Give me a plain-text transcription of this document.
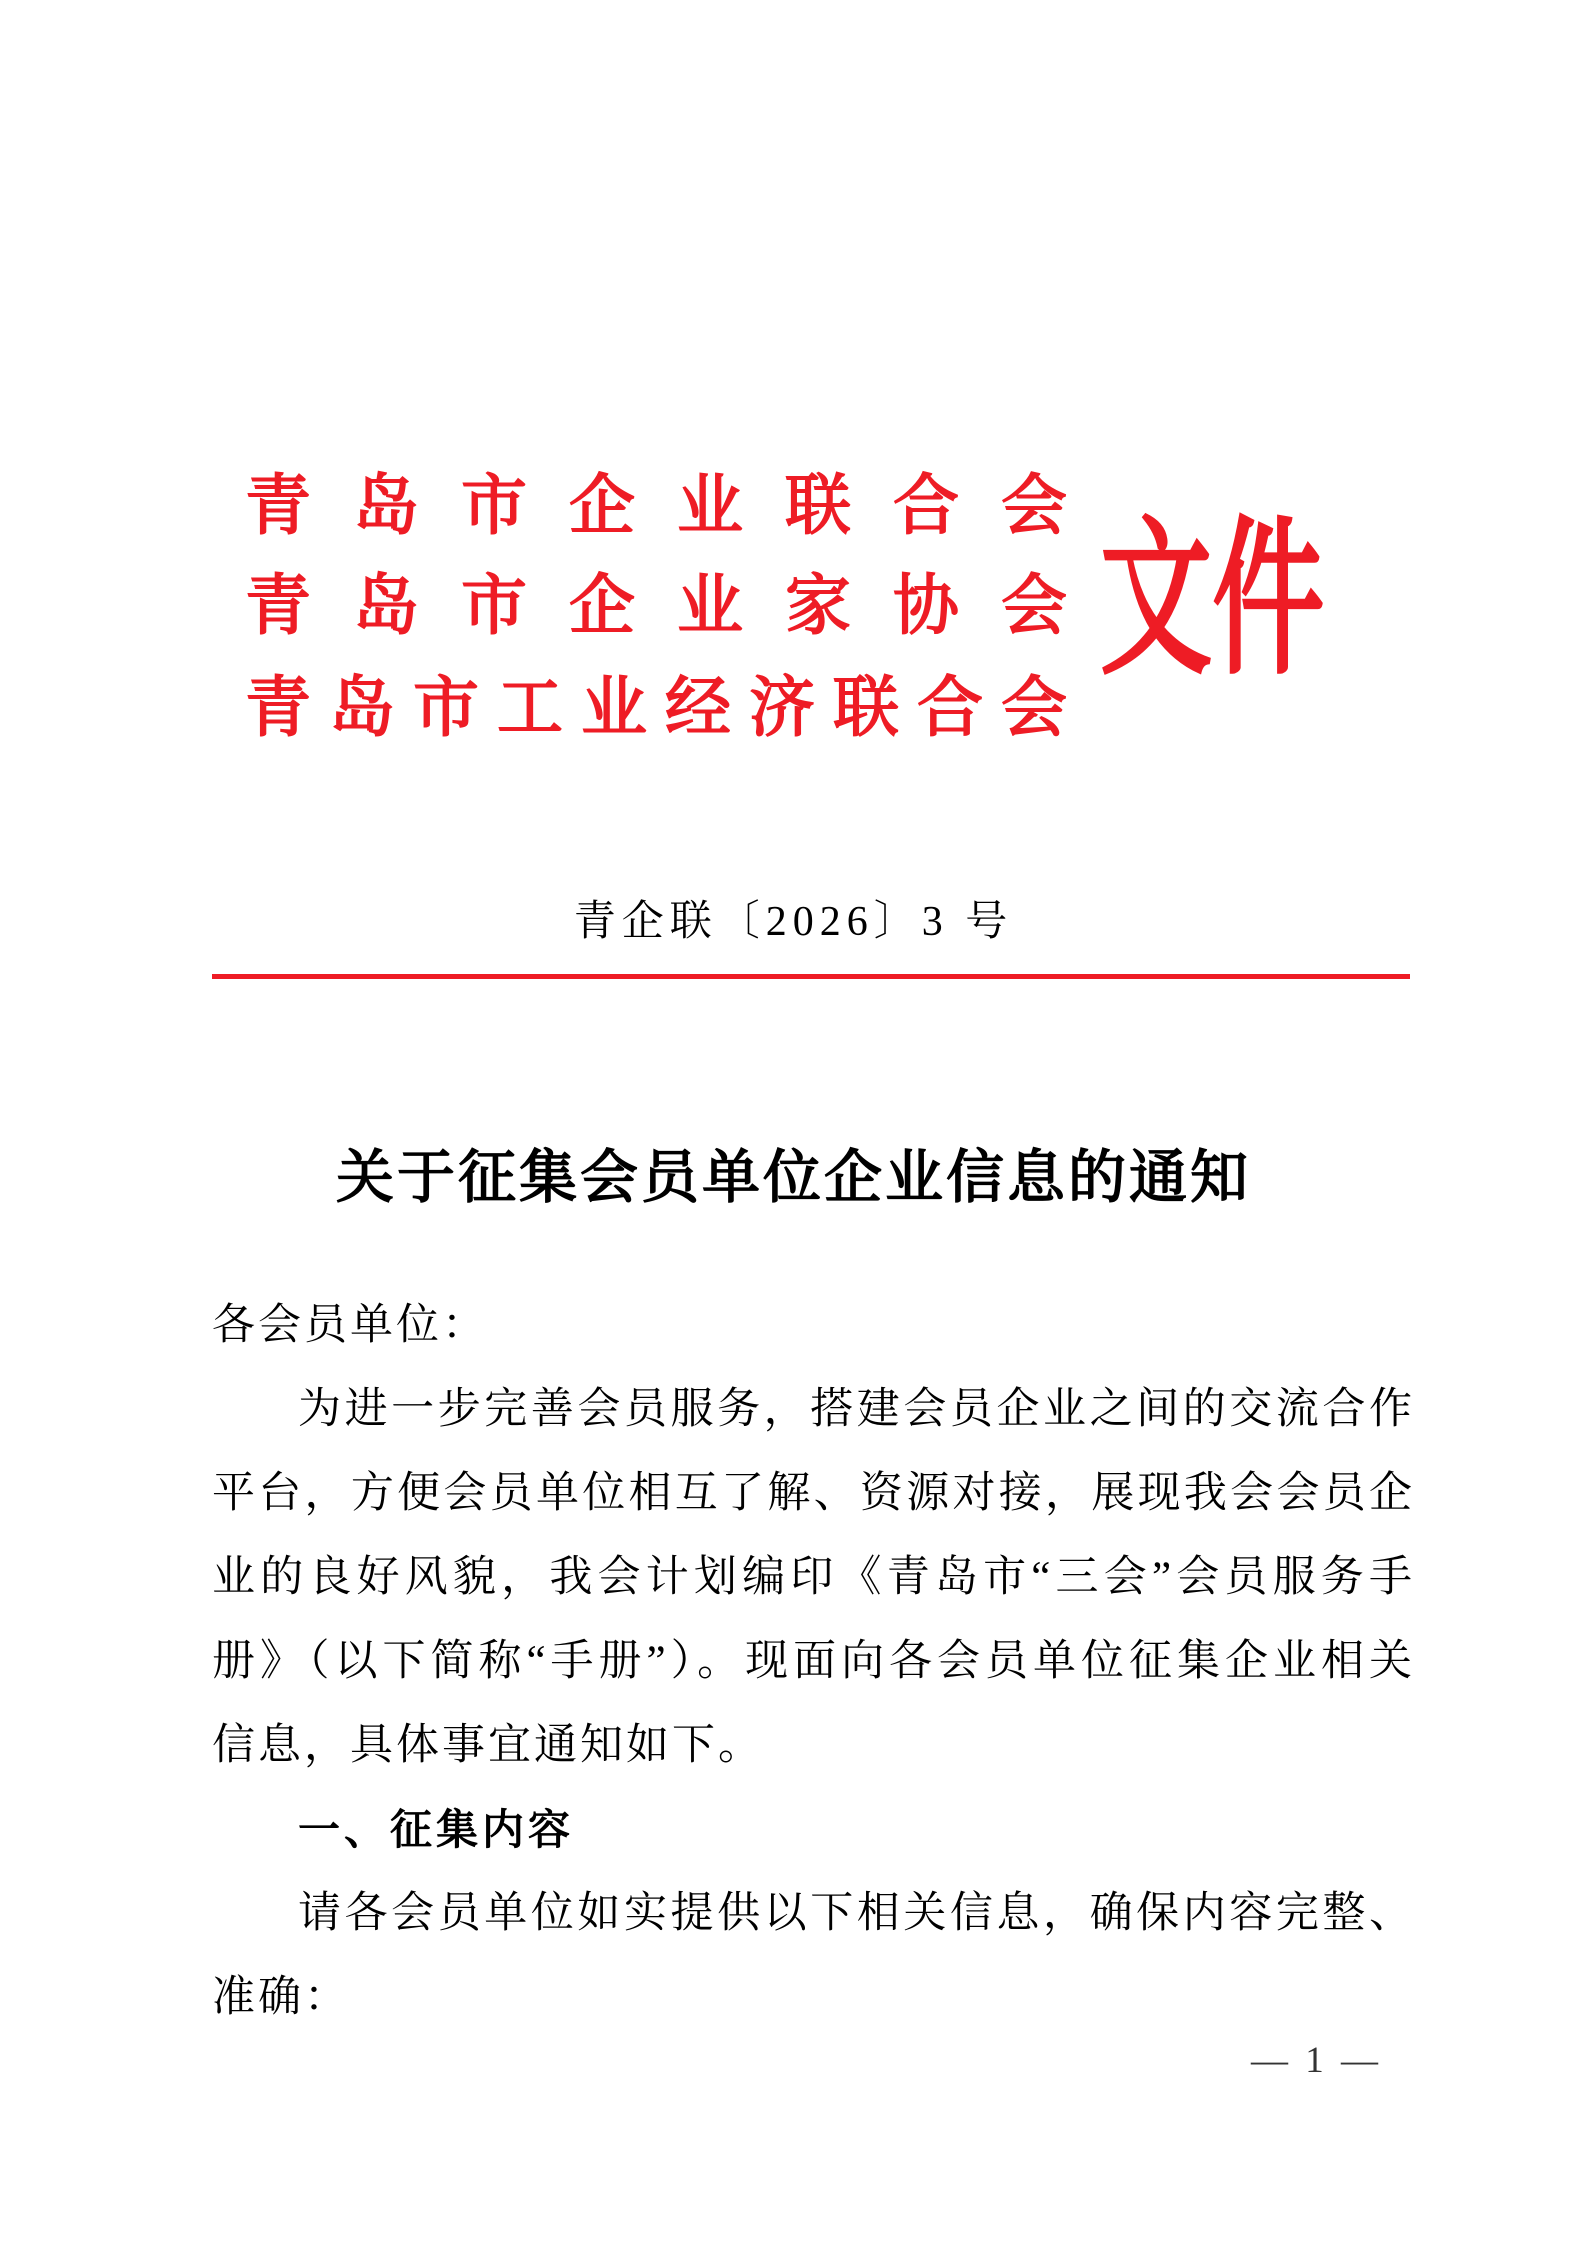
青岛市企业联合会
青岛市企业家协会
青岛市工业经济联合会
文件
青企联〔2026〕3 号
关于征集会员单位企业信息的通知
各会员单位：
为进一步完善会员服务，搭建会员企业之间的交流合作
平台，方便会员单位相互了解、资源对接，展现我会会员企
业的良好风貌，我会计划编印《青岛市“三会”会员服务手
册》（以下简称“手册”）。现面向各会员单位征集企业相关
信息，具体事宜通知如下。
一、征集内容
请各会员单位如实提供以下相关信息，确保内容完整、
准确：
— 1 —
